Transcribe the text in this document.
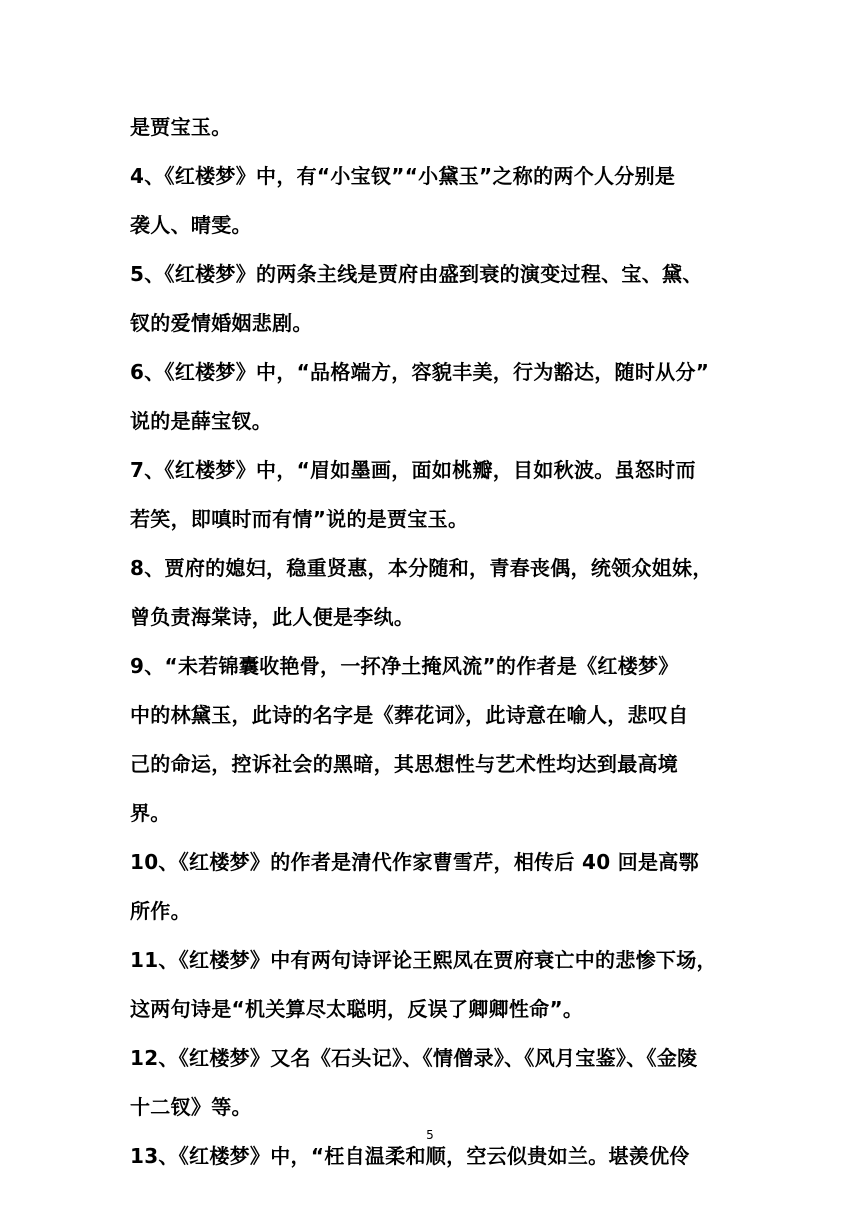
是贾宝玉。
4、《红楼梦》中，有“小宝钗”“小黛玉”之称的两个人分别是
袭人、晴雯。
5、《红楼梦》的两条主线是贾府由盛到衰的演变过程、宝、黛、
钗的爱情婚姻悲剧。
6、《红楼梦》中，“品格端方，容貌丰美，行为豁达，随时从分”
说的是薛宝钗。
7、《红楼梦》中，“眉如墨画，面如桃瓣，目如秋波。虽怒时而
若笑，即嗔时而有情”说的是贾宝玉。
8、贾府的媳妇，稳重贤惠，本分随和，青春丧偶，统领众姐妹，
曾负责海棠诗，此人便是李纨。
9、“未若锦囊收艳骨，一抔净土掩风流”的作者是《红楼梦》
中的林黛玉，此诗的名字是《葬花词》，此诗意在喻人，悲叹自
己的命运，控诉社会的黑暗，其思想性与艺术性均达到最高境
界。
10、《红楼梦》的作者是清代作家曹雪芹，相传后 40 回是高鄂
所作。
11、《红楼梦》中有两句诗评论王熙凤在贾府衰亡中的悲惨下场，
这两句诗是“机关算尽太聪明，反误了卿卿性命”。
12、《红楼梦》又名《石头记》、《情僧录》、《风月宝鉴》、《金陵
十二钗》等。
13、《红楼梦》中，“枉自温柔和顺，空云似贵如兰。堪羡优伶
5
